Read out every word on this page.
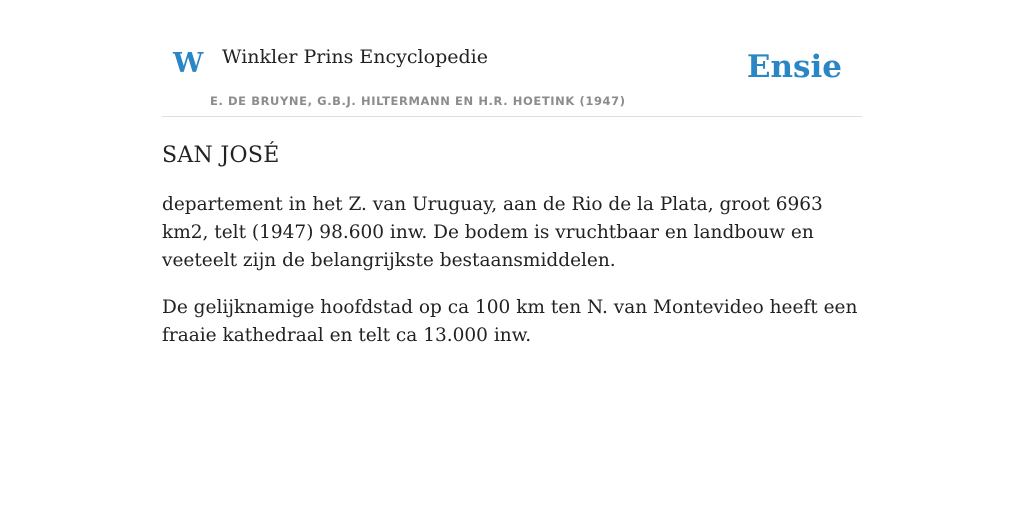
W Winkler Prins Encyclopedie
E. DE BRUYNE, G.B.J. HILTERMANN EN H.R. HOETINK (1947)
Ensie
SAN JOSÉ

departement in het Z. van Uruguay, aan de Rio de la Plata, groot 6963 km2, telt (1947) 98.600 inw. De bodem is vruchtbaar en landbouw en veeteelt zijn de belangrijkste bestaansmiddelen.

De gelijknamige hoofdstad op ca 100 km ten N. van Montevideo heeft een fraaie kathedraal en telt ca 13.000 inw.
